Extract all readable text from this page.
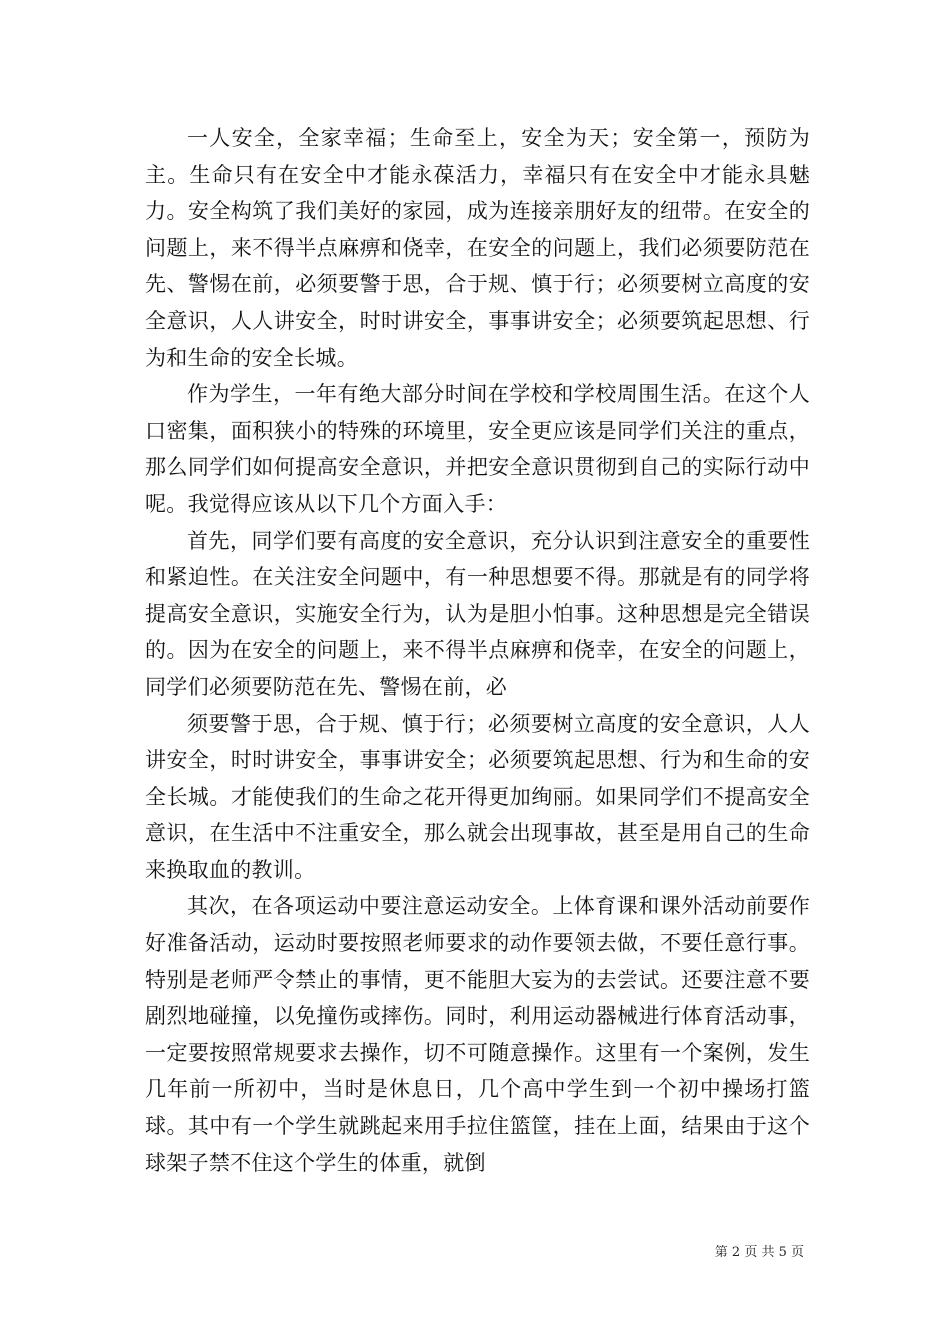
一人安全，全家幸福；生命至上，安全为天；安全第一，预防为主。生命只有在安全中才能永葆活力，幸福只有在安全中才能永具魅力。安全构筑了我们美好的家园，成为连接亲朋好友的纽带。在安全的问题上，来不得半点麻痹和侥幸，在安全的问题上，我们必须要防范在先、警惕在前，必须要警于思，合于规、慎于行；必须要树立高度的安全意识，人人讲安全，时时讲安全，事事讲安全；必须要筑起思想、行为和生命的安全长城。

作为学生，一年有绝大部分时间在学校和学校周围生活。在这个人口密集，面积狭小的特殊的环境里，安全更应该是同学们关注的重点，那么同学们如何提高安全意识，并把安全意识贯彻到自己的实际行动中呢。我觉得应该从以下几个方面入手：

首先，同学们要有高度的安全意识，充分认识到注意安全的重要性和紧迫性。在关注安全问题中，有一种思想要不得。那就是有的同学将提高安全意识，实施安全行为，认为是胆小怕事。这种思想是完全错误的。因为在安全的问题上，来不得半点麻痹和侥幸，在安全的问题上，同学们必须要防范在先、警惕在前，必

须要警于思，合于规、慎于行；必须要树立高度的安全意识，人人讲安全，时时讲安全，事事讲安全；必须要筑起思想、行为和生命的安全长城。才能使我们的生命之花开得更加绚丽。如果同学们不提高安全意识，在生活中不注重安全，那么就会出现事故，甚至是用自己的生命来换取血的教训。

其次，在各项运动中要注意运动安全。上体育课和课外活动前要作好准备活动，运动时要按照老师要求的动作要领去做，不要任意行事。特别是老师严令禁止的事情，更不能胆大妄为的去尝试。还要注意不要剧烈地碰撞，以免撞伤或摔伤。同时，利用运动器械进行体育活动事，一定要按照常规要求去操作，切不可随意操作。这里有一个案例，发生几年前一所初中，当时是休息日，几个高中学生到一个初中操场打篮球。其中有一个学生就跳起来用手拉住篮筐，挂在上面，结果由于这个球架子禁不住这个学生的体重，就倒

第 2 页 共 5 页
